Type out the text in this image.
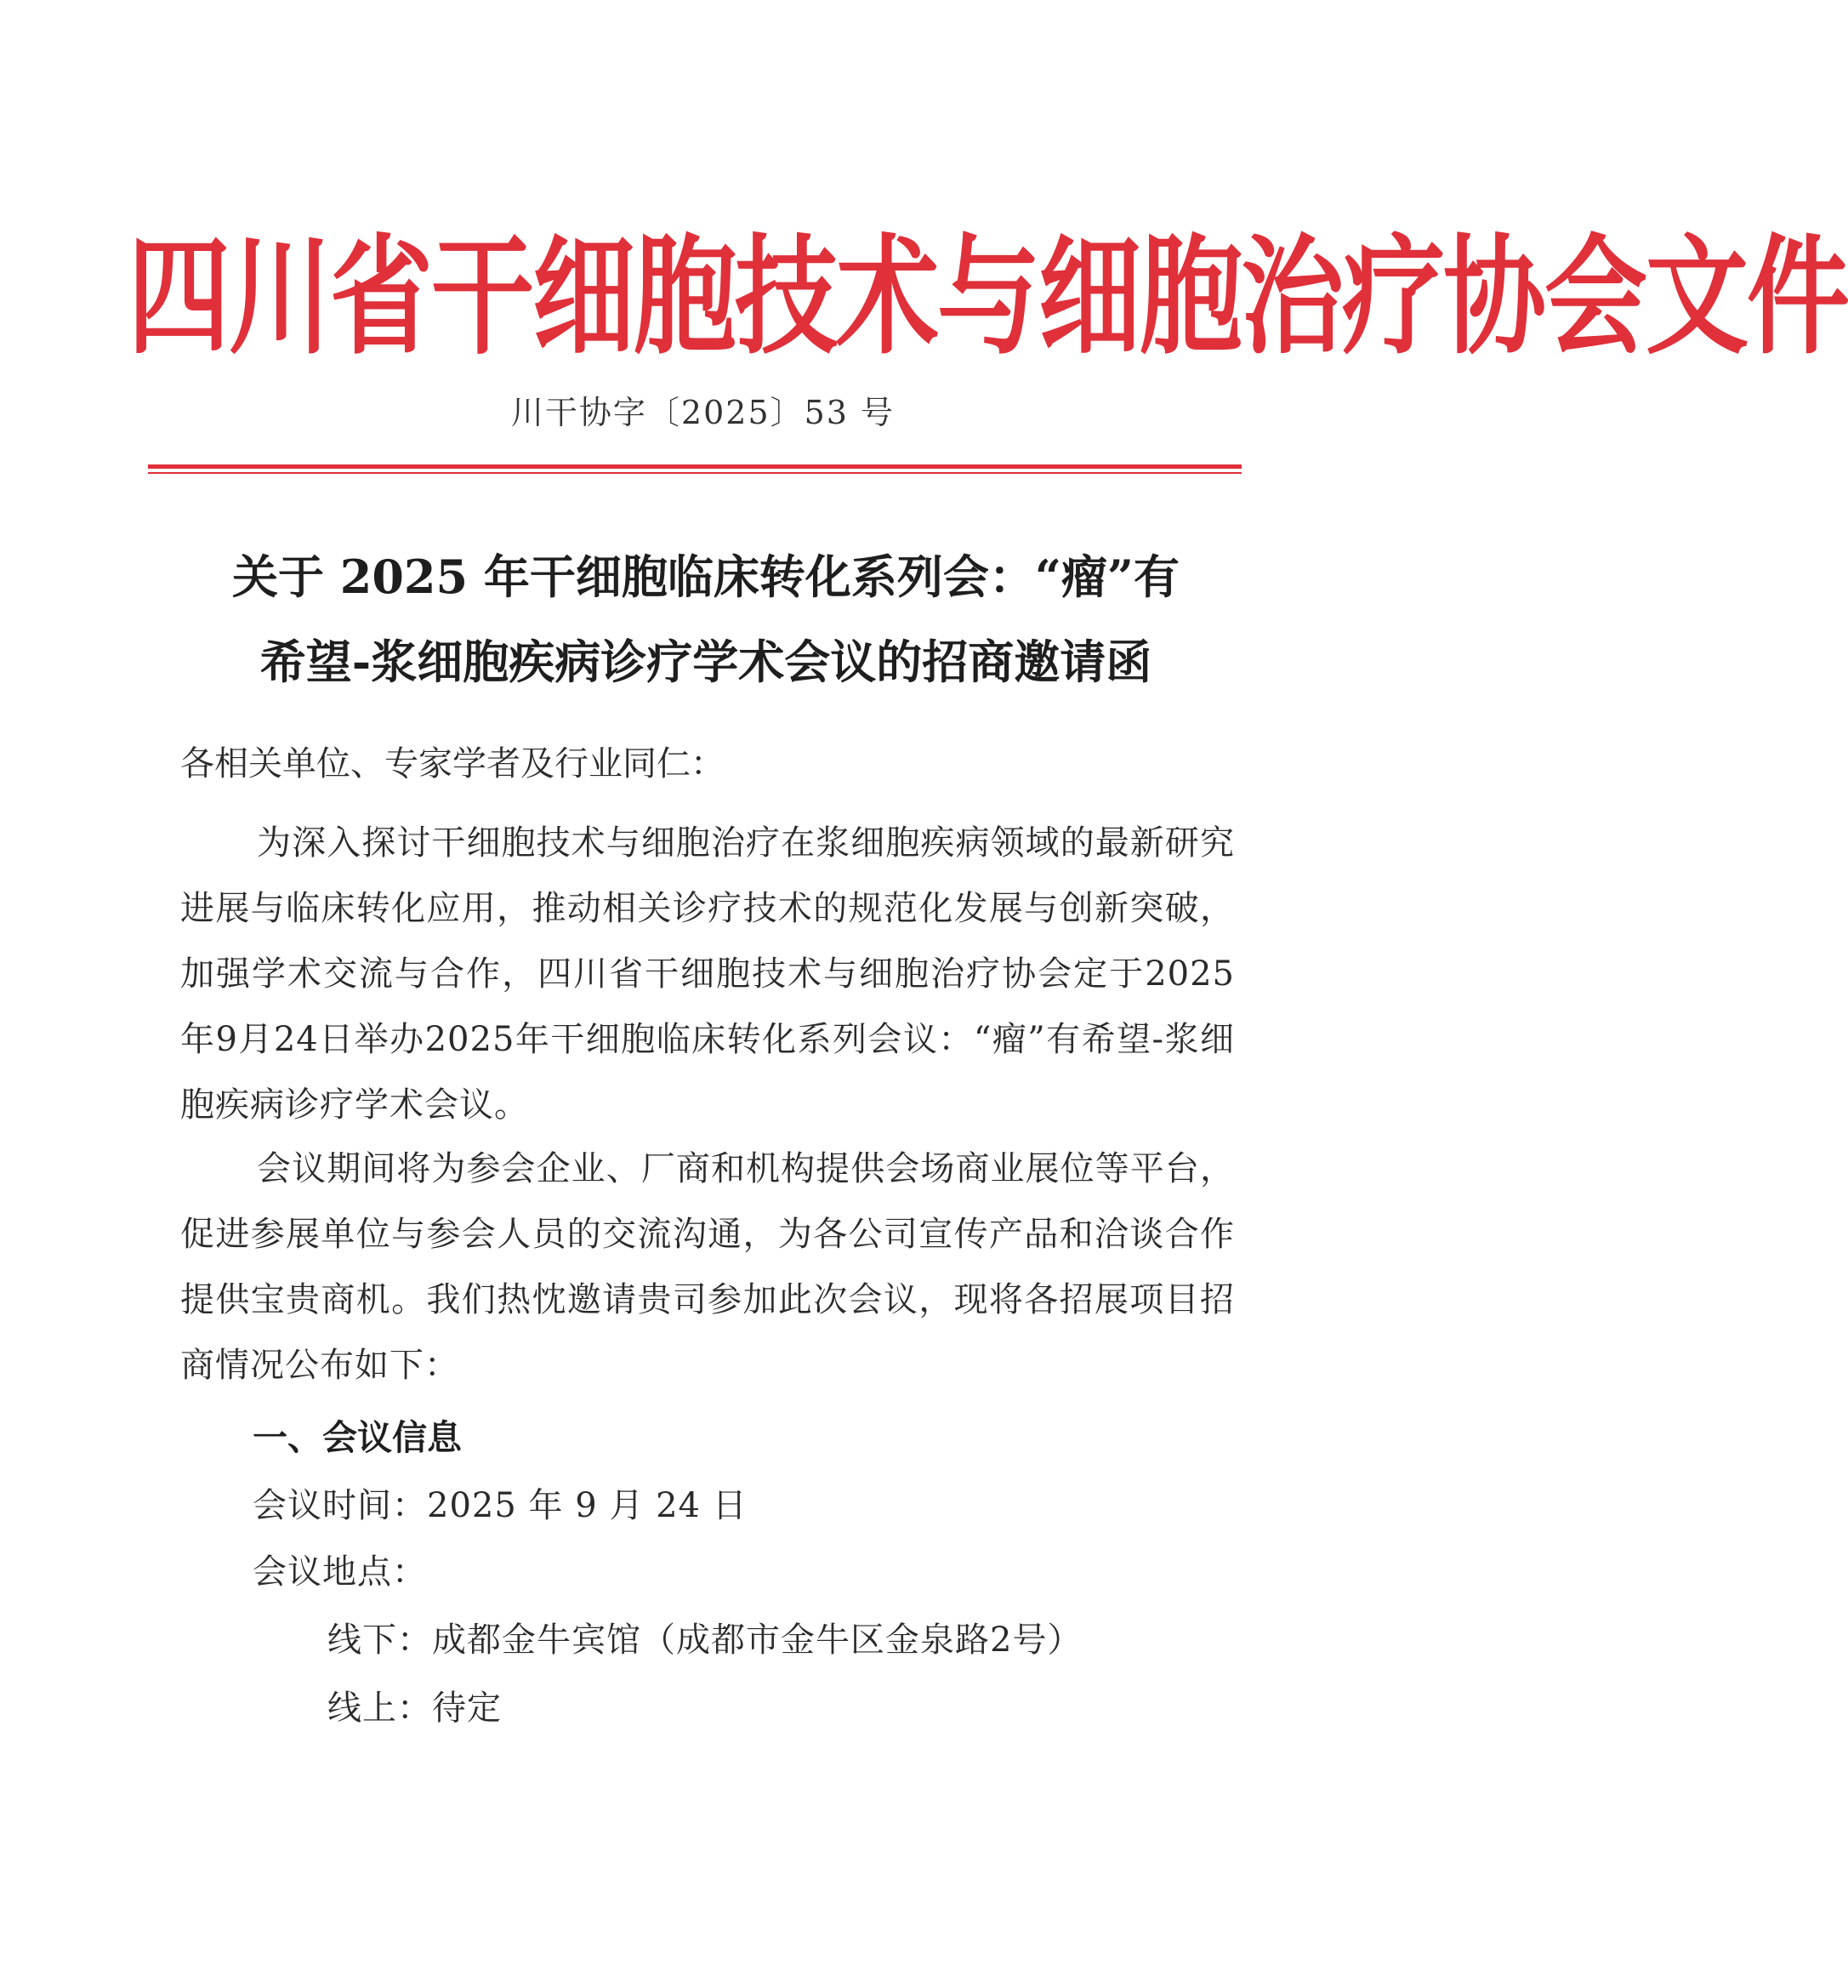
四川省干细胞技术与细胞治疗协会文件
川干协字〔2025〕53 号
关于 2025 年干细胞临床转化系列会：“瘤”有
希望-浆细胞疾病诊疗学术会议的招商邀请函
各相关单位、专家学者及行业同仁：
为深入探讨干细胞技术与细胞治疗在浆细胞疾病领域的最新研究进展与临床转化应用，推动相关诊疗技术的规范化发展与创新突破，加强学术交流与合作，四川省干细胞技术与细胞治疗协会定于2025年9月24日举办2025年干细胞临床转化系列会议：“瘤”有希望-浆细胞疾病诊疗学术会议。
会议期间将为参会企业、厂商和机构提供会场商业展位等平台，促进参展单位与参会人员的交流沟通，为各公司宣传产品和洽谈合作提供宝贵商机。我们热忱邀请贵司参加此次会议，现将各招展项目招商情况公布如下：
一、会议信息
会议时间：2025 年 9 月 24 日
会议地点：
线下：成都金牛宾馆（成都市金牛区金泉路2号）
线上：待定
